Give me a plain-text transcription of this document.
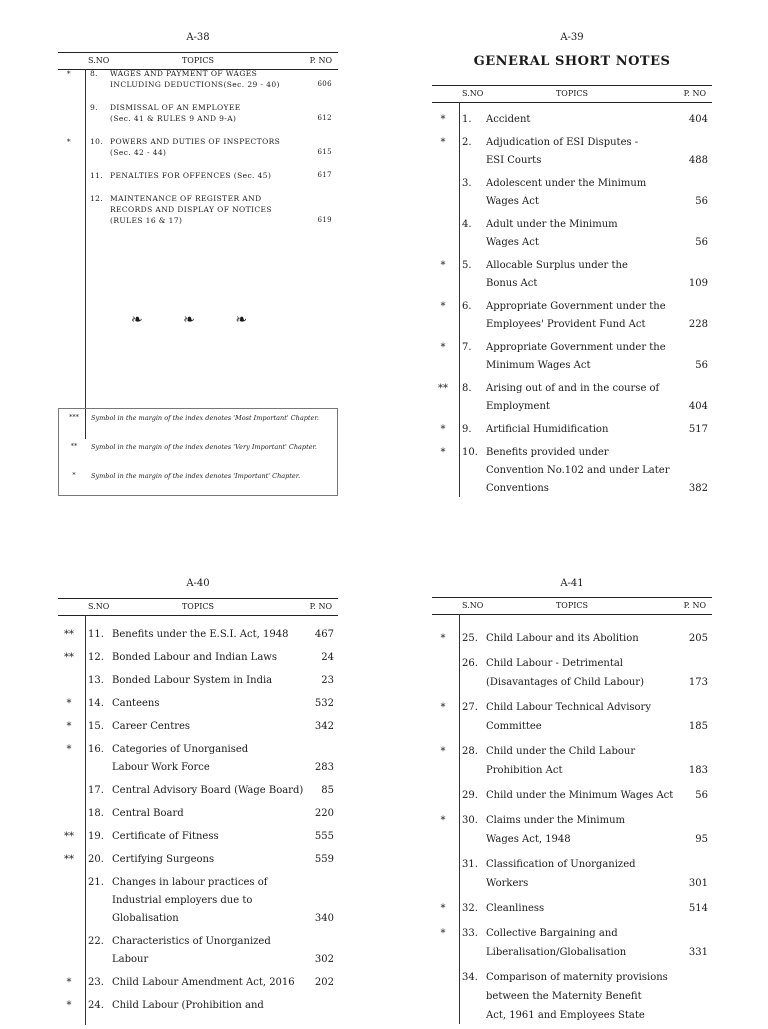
A-38
S.NO	TOPICS	P. NO
*	8. WAGES AND PAYMENT OF WAGES
INCLUDING DEDUCTIONS(Sec. 29 - 40)	606
9. DISMISSAL OF AN EMPLOYEE
(Sec. 41 & RULES 9 AND 9-A)	612
*	10. POWERS AND DUTIES OF INSPECTORS
(Sec. 42 - 44)	615
11. PENALTIES FOR OFFENCES (Sec. 45)	617
12. MAINTENANCE OF REGISTER AND
RECORDS AND DISPLAY OF NOTICES
(RULES 16 & 17)	619
❧ ❧ ❧
***	Symbol in the margin of the index denotes 'Most Important' Chapter.
**	Symbol in the margin of the index denotes 'Very Important' Chapter.
*	Symbol in the margin of the index denotes 'Important' Chapter.
A-39
GENERAL SHORT NOTES
S.NO	TOPICS	P. NO
*	1. Accident	404
*	2. Adjudication of ESI Disputes -
ESI Courts	488
3. Adolescent under the Minimum
Wages Act	56
4. Adult under the Minimum
Wages Act	56
*	5. Allocable Surplus under the
Bonus Act	109
*	6. Appropriate Government under the
Employees' Provident Fund Act	228
*	7. Appropriate Government under the
Minimum Wages Act	56
**	8. Arising out of and in the course of
Employment	404
*	9. Artificial Humidification	517
*	10. Benefits provided under
Convention No.102 and under Later
Conventions	382
A-40
S.NO	TOPICS	P. NO
**	11. Benefits under the E.S.I. Act, 1948	467
**	12. Bonded Labour and Indian Laws	24
13. Bonded Labour System in India	23
*	14. Canteens	532
*	15. Career Centres	342
*	16. Categories of Unorganised
Labour Work Force	283
17. Central Advisory Board (Wage Board) 85
18. Central Board	220
**	19. Certificate of Fitness	555
**	20. Certifying Surgeons	559
21. Changes in labour practices of
Industrial employers due to
Globalisation	340
22. Characteristics of Unorganized
Labour	302
*	23. Child Labour Amendment Act, 2016 202
*	24. Child Labour (Prohibition and
A-41
S.NO	TOPICS	P. NO
*	25. Child Labour and its Abolition	205
26. Child Labour - Detrimental
(Disavantages of Child Labour)	173
*	27. Child Labour Technical Advisory
Committee	185
*	28. Child under the Child Labour
Prohibition Act	183
29. Child under the Minimum Wages Act 56
*	30. Claims under the Minimum
Wages Act, 1948	95
31. Classification of Unorganized
Workers	301
*	32. Cleanliness	514
*	33. Collective Bargaining and
Liberalisation/Globalisation	331
34. Comparison of maternity provisions
between the Maternity Benefit
Act, 1961 and Employees State
